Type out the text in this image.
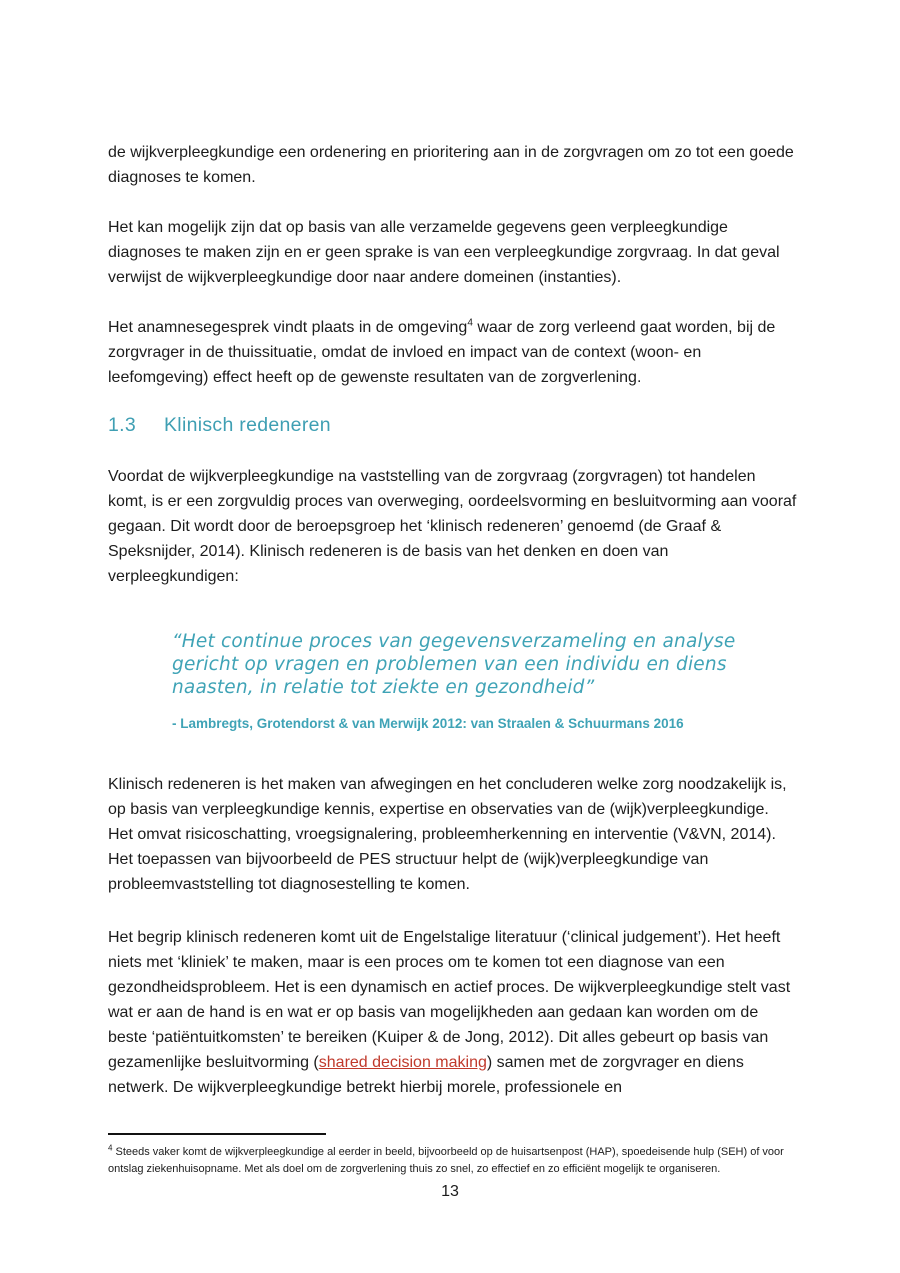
de wijkverpleegkundige een ordenering en prioritering aan in de zorgvragen om zo tot een goede diagnoses te komen.

Het kan mogelijk zijn dat op basis van alle verzamelde gegevens geen verpleegkundige diagnoses te maken zijn en er geen sprake is van een verpleegkundige zorgvraag. In dat geval verwijst de wijkverpleegkundige door naar andere domeinen (instanties).

Het anamnesegesprek vindt plaats in de omgeving$^4$ waar de zorg verleend gaat worden, bij de zorgvrager in de thuissituatie, omdat de invloed en impact van de context (woon- en leefomgeving) effect heeft op de gewenste resultaten van de zorgverlening.

1.3 Klinisch redeneren

Voordat de wijkverpleegkundige na vaststelling van de zorgvraag (zorgvragen) tot handelen komt, is er een zorgvuldig proces van overweging, oordeelsvorming en besluitvorming aan vooraf gegaan. Dit wordt door de beroepsgroep het ‘klinisch redeneren’ genoemd (de Graaf & Speksnijder, 2014). Klinisch redeneren is de basis van het denken en doen van verpleegkundigen:

“Het continue proces van gegevensverzameling en analyse gericht op vragen en problemen van een individu en diens naasten, in relatie tot ziekte en gezondheid”

- Lambregts, Grotendorst & van Merwijk 2012: van Straalen & Schuurmans 2016

Klinisch redeneren is het maken van afwegingen en het concluderen welke zorg noodzakelijk is, op basis van verpleegkundige kennis, expertise en observaties van de (wijk)verpleegkundige. Het omvat risicoschatting, vroegsignalering, probleemherkenning en interventie (V&VN, 2014). Het toepassen van bijvoorbeeld de PES structuur helpt de (wijk)verpleegkundige van probleemvaststelling tot diagnosestelling te komen.

Het begrip klinisch redeneren komt uit de Engelstalige literatuur (‘clinical judgement’). Het heeft niets met ‘kliniek’ te maken, maar is een proces om te komen tot een diagnose van een gezondheidsprobleem. Het is een dynamisch en actief proces. De wijkverpleegkundige stelt vast wat er aan de hand is en wat er op basis van mogelijkheden aan gedaan kan worden om de beste ‘patiëntuitkomsten’ te bereiken (Kuiper & de Jong, 2012). Dit alles gebeurt op basis van gezamenlijke besluitvorming (shared decision making) samen met de zorgvrager en diens netwerk. De wijkverpleegkundige betrekt hierbij morele, professionele en

$^4$ Steeds vaker komt de wijkverpleegkundige al eerder in beeld, bijvoorbeeld op de huisartsenpost (HAP), spoedeisende hulp (SEH) of voor ontslag ziekenhuisopname. Met als doel om de zorgverlening thuis zo snel, zo effectief en zo efficiënt mogelijk te organiseren.

13
